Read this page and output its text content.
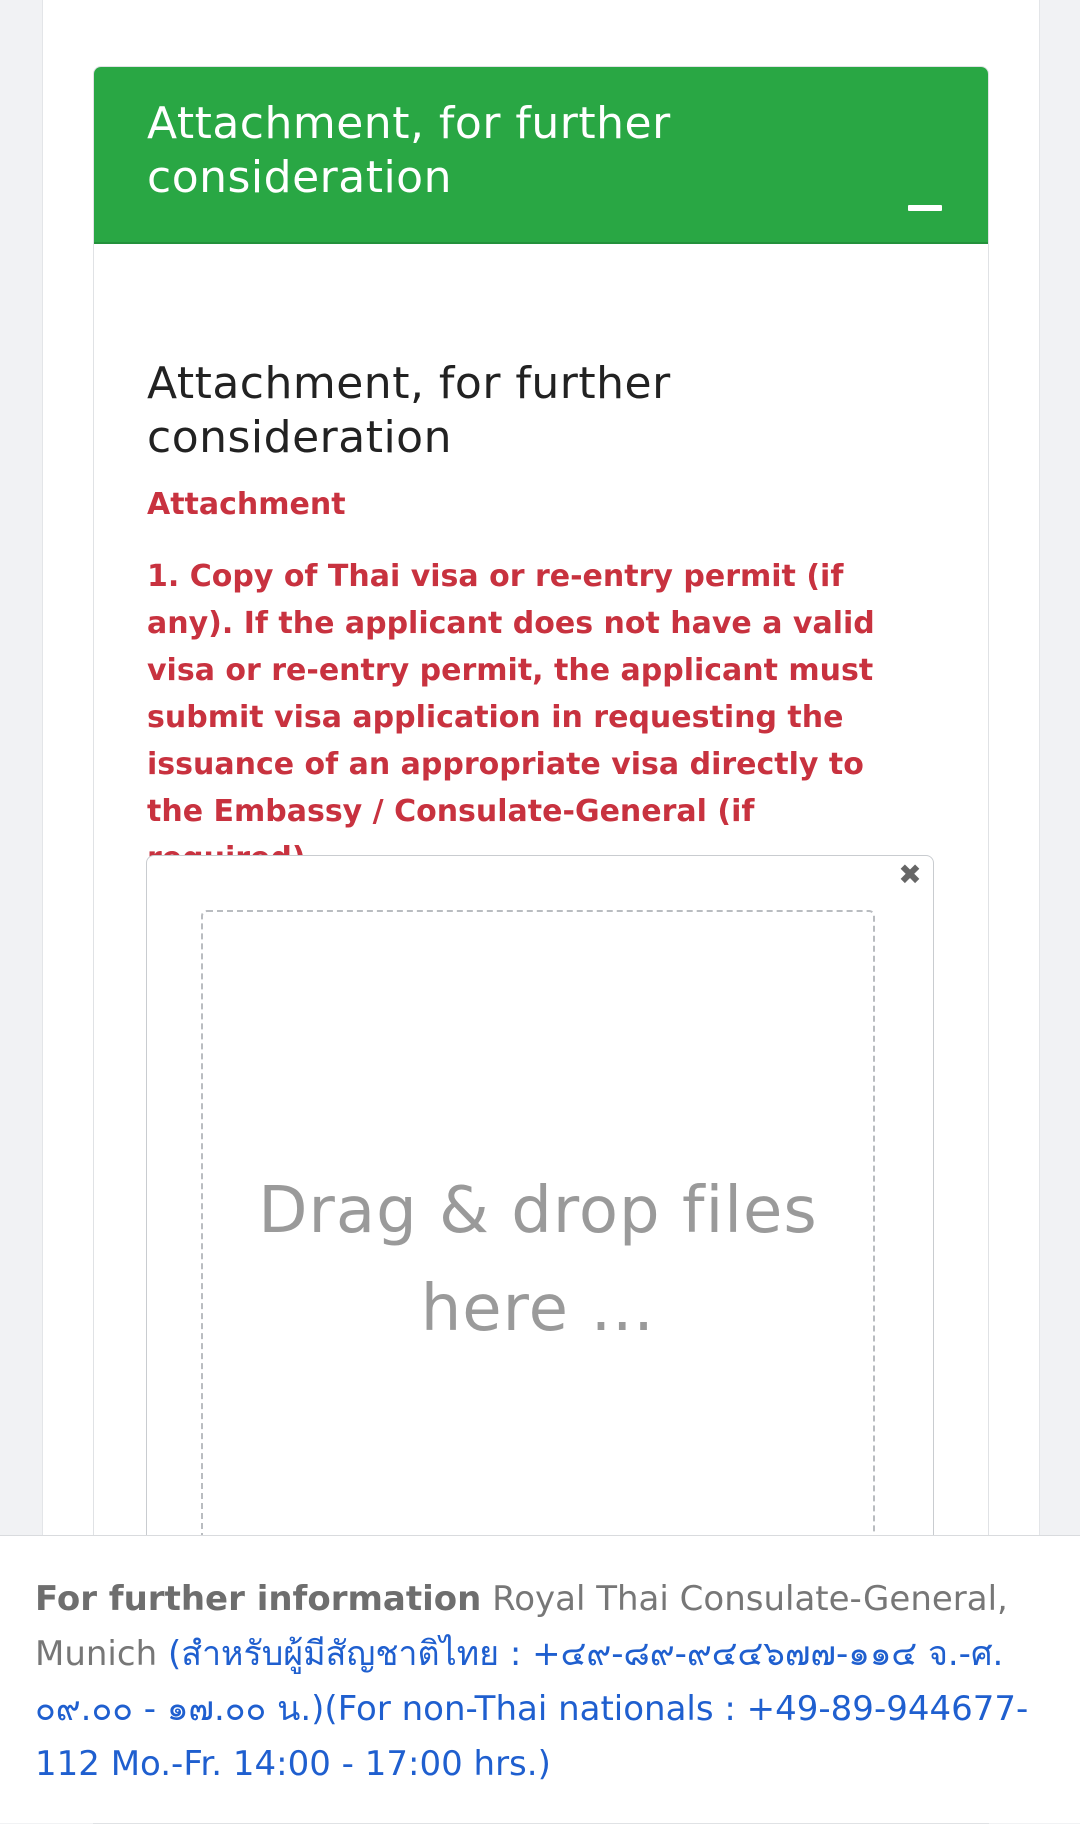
Attachment, for further consideration
Attachment, for further consideration
Attachment
1. Copy of Thai visa or re-entry permit (if any). If the applicant does not have a valid visa or re-entry permit, the applicant must submit visa application in requesting the issuance of an appropriate visa directly to the Embassy / Consulate-General (if
✖
Drag & drop files here …
For further information Royal Thai Consulate-General, Munich (สำหรับผู้มีสัญชาติไทย : +๔๙-๘๙-๙๔๔๖๗๗-๑๑๔ จ.-ศ. ๐๙.๐๐ - ๑๗.๐๐ น.)(For non-Thai nationals : +49-89-944677-112 Mo.-Fr. 14:00 - 17:00 hrs.)
